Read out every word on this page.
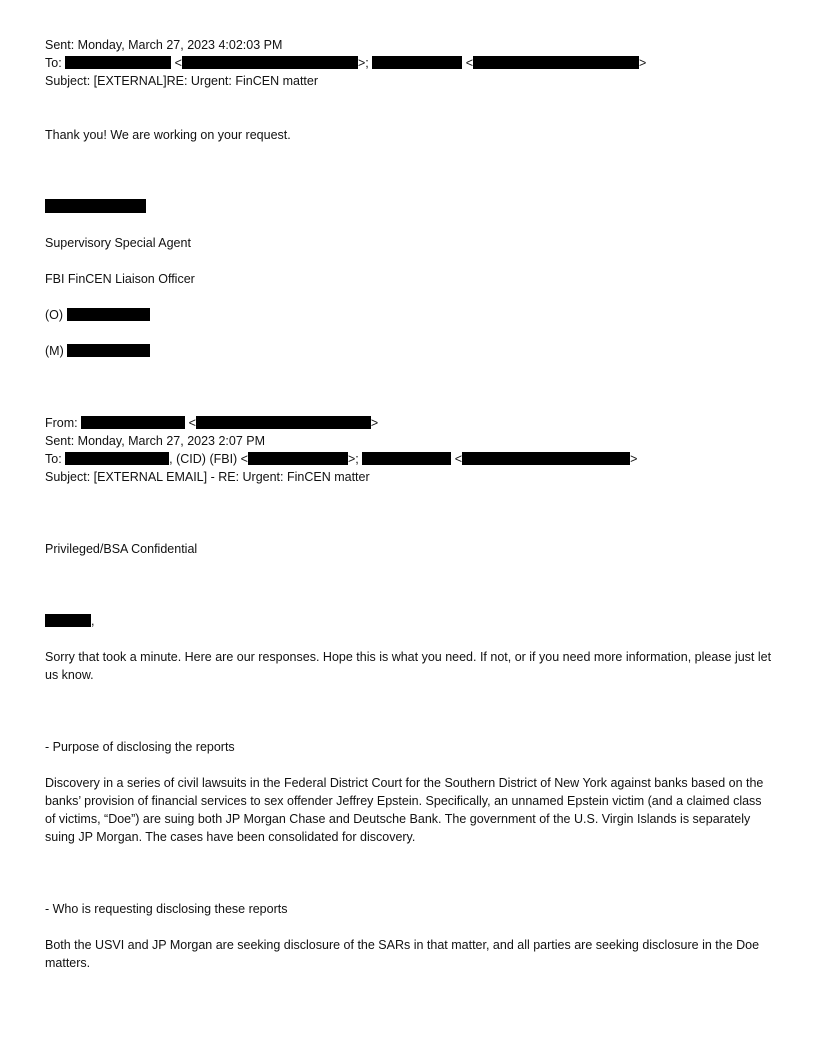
Sent: Monday, March 27, 2023 4:02:03 PM
To:	<	>;	<	>
Subject: [EXTERNAL]RE: Urgent: FinCEN matter
Thank you! We are working on your request.
Supervisory Special Agent
FBI FinCEN Liaison Officer
(O)
(M)
From:	<	>
Sent: Monday, March 27, 2023 2:07 PM
To:	, (CID) (FBI) <	>;	<	>
Subject: [EXTERNAL EMAIL] - RE: Urgent: FinCEN matter
Privileged/BSA Confidential
,

Sorry that took a minute. Here are our responses. Hope this is what you need. If not, or if you need more information, please just let us know.

- Purpose of disclosing the reports

Discovery in a series of civil lawsuits in the Federal District Court for the Southern District of New York against banks based on the banks’ provision of financial services to sex offender Jeffrey Epstein. Specifically, an unnamed Epstein victim (and a claimed class of victims, “Doe”) are suing both JP Morgan Chase and Deutsche Bank. The government of the U.S. Virgin Islands is separately suing JP Morgan. The cases have been consolidated for discovery.

- Who is requesting disclosing these reports

Both the USVI and JP Morgan are seeking disclosure of the SARs in that matter, and all parties are seeking disclosure in the Doe matters.
